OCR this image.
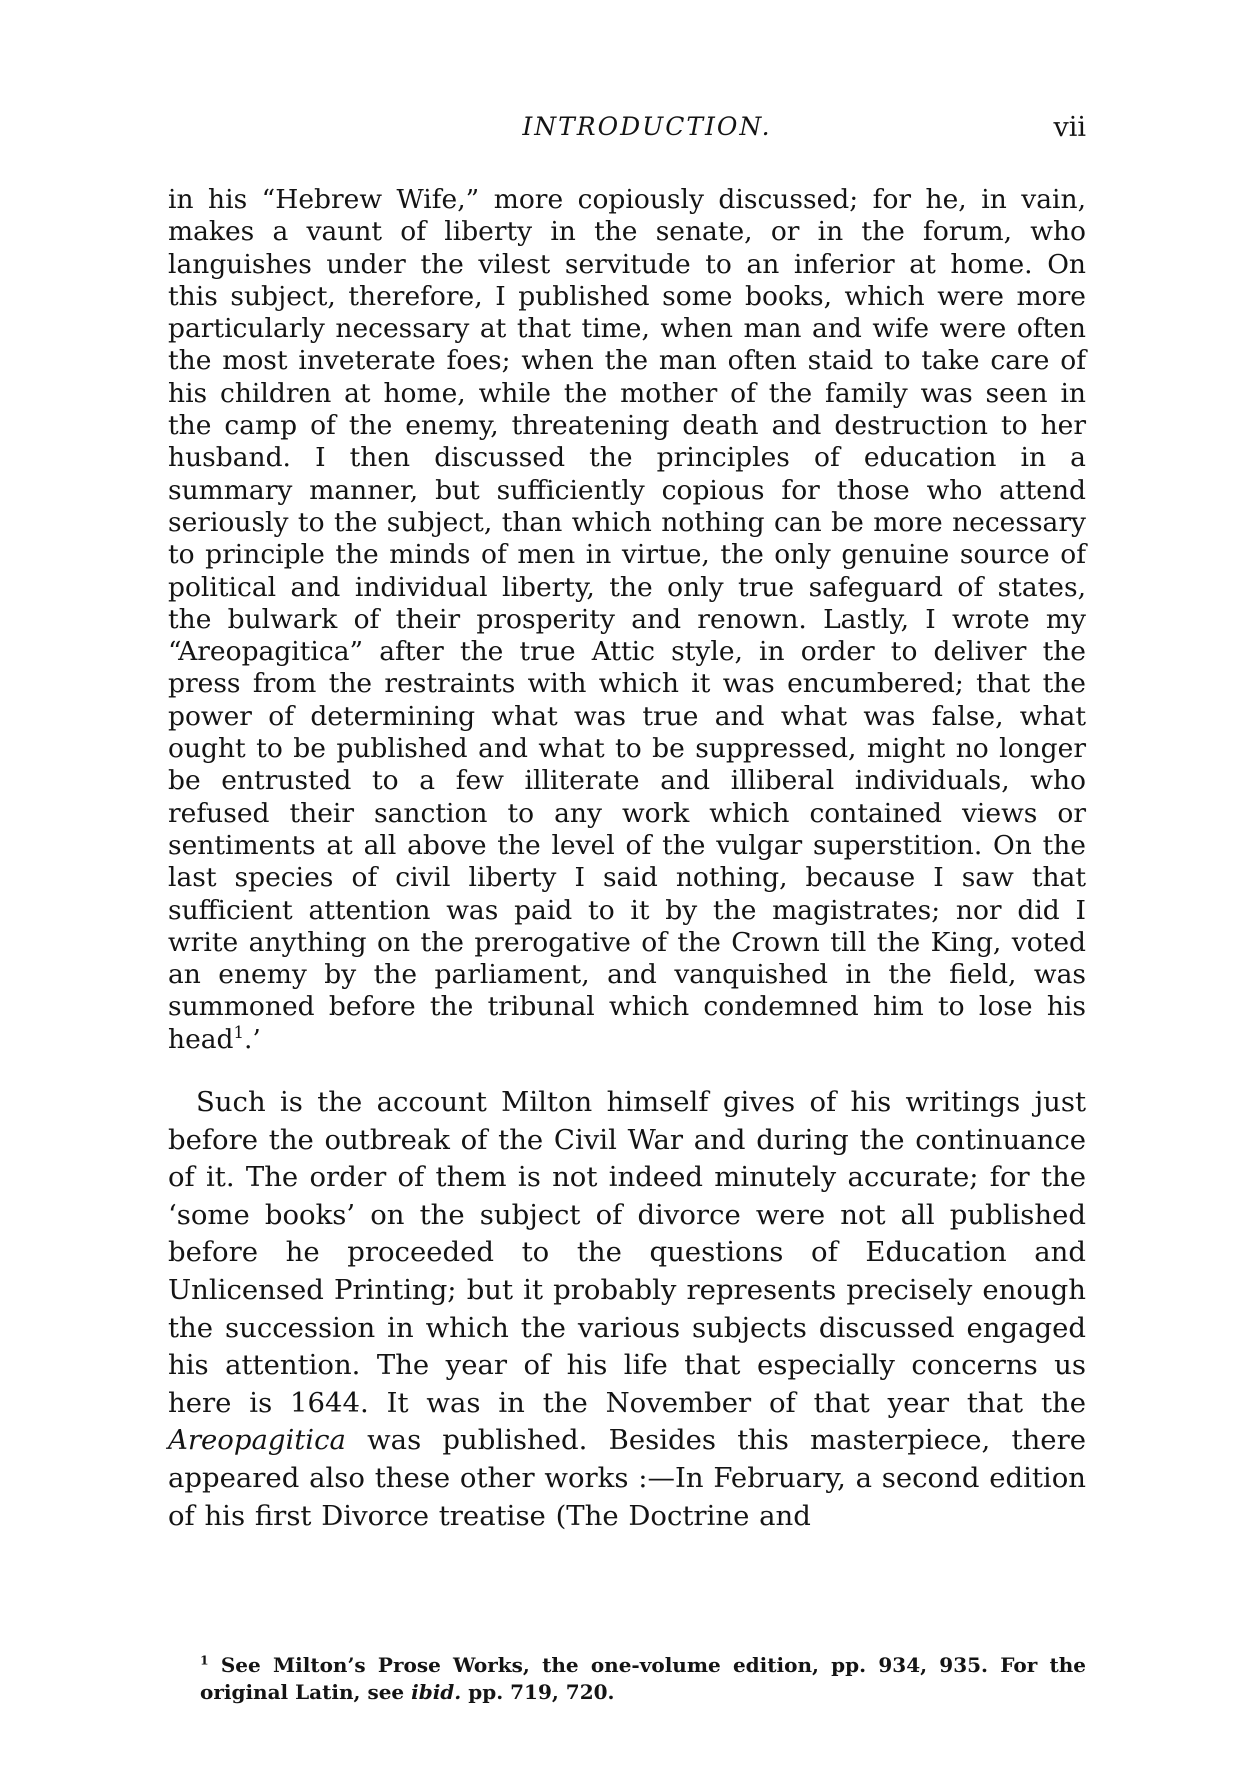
INTRODUCTION.	vii

in his “Hebrew Wife,” more copiously discussed; for he, in vain, makes a vaunt of liberty in the senate, or in the forum, who languishes under the vilest servitude to an inferior at home. On this subject, therefore, I published some books, which were more particularly necessary at that time, when man and wife were often the most inveterate foes; when the man often staid to take care of his children at home, while the mother of the family was seen in the camp of the enemy, threatening death and destruction to her husband. I then discussed the principles of education in a summary manner, but sufficiently copious for those who attend seriously to the subject, than which nothing can be more necessary to principle the minds of men in virtue, the only genuine source of political and individual liberty, the only true safeguard of states, the bulwark of their prosperity and renown. Lastly, I wrote my “Areopagitica” after the true Attic style, in order to deliver the press from the restraints with which it was encumbered; that the power of determining what was true and what was false, what ought to be published and what to be suppressed, might no longer be entrusted to a few illiterate and illiberal individuals, who refused their sanction to any work which contained views or sentiments at all above the level of the vulgar superstition. On the last species of civil liberty I said nothing, because I saw that sufficient attention was paid to it by the magistrates; nor did I write anything on the prerogative of the Crown till the King, voted an enemy by the parliament, and vanquished in the field, was summoned before the tribunal which condemned him to lose his head$^1$.’

Such is the account Milton himself gives of his writings just before the outbreak of the Civil War and during the continuance of it. The order of them is not indeed minutely accurate; for the ‘some books’ on the subject of divorce were not all published before he proceeded to the questions of Education and Unlicensed Printing; but it probably represents precisely enough the succession in which the various subjects discussed engaged his attention. The year of his life that especially concerns us here is 1644. It was in the November of that year that the Areopagitica was published. Besides this masterpiece, there appeared also these other works :—In February, a second edition of his first Divorce treatise (The Doctrine and

$^1$ See Milton’s Prose Works, the one-volume edition, pp. 934, 935. For the original Latin, see ibid. pp. 719, 720.
